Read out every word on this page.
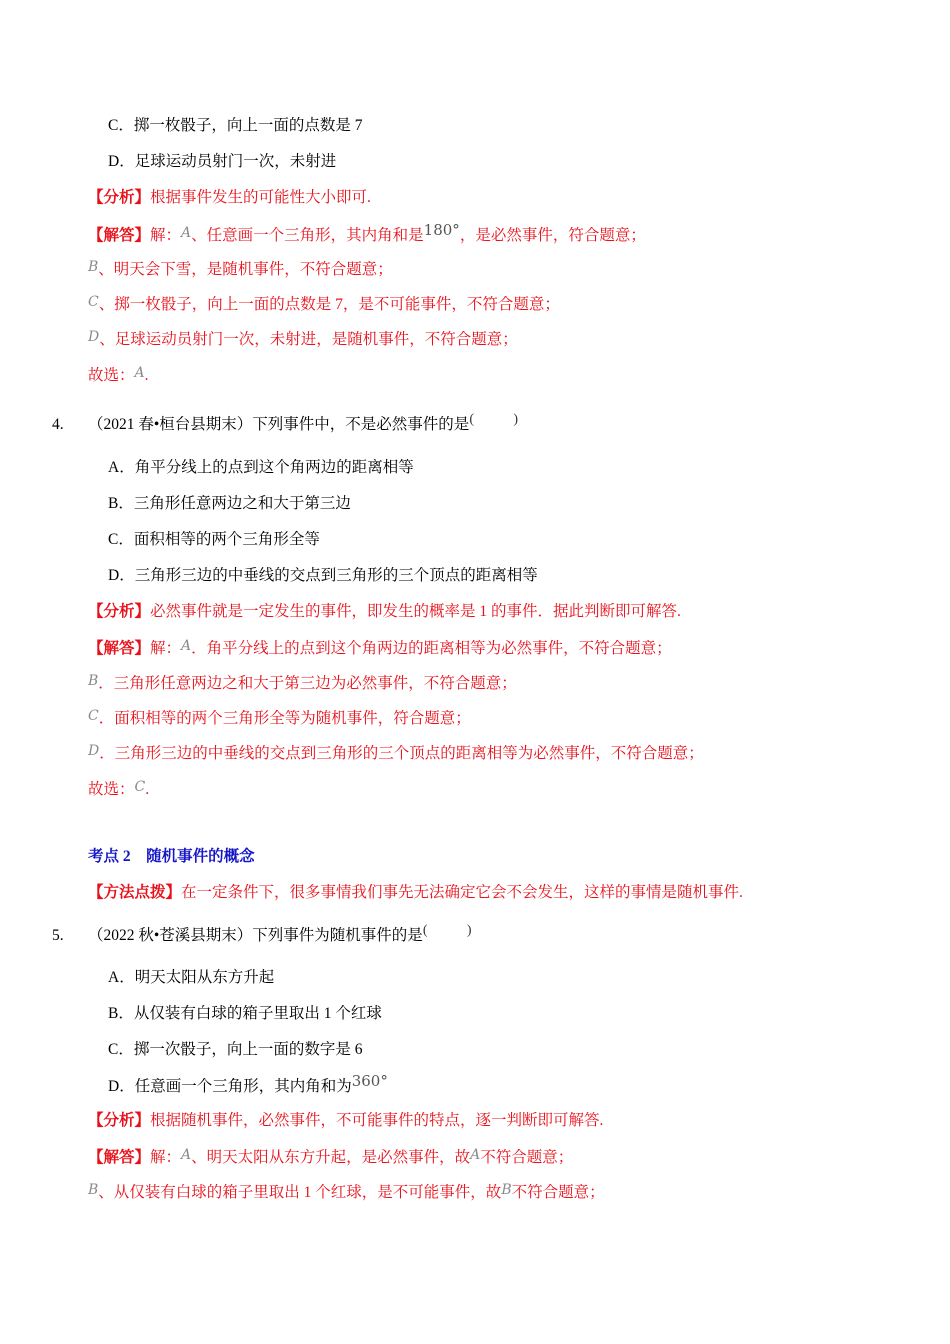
C．掷一枚骰子，向上一面的点数是 7
D．足球运动员射门一次，未射进
【分析】根据事件发生的可能性大小即可.
【解答】解：A、任意画一个三角形，其内角和是180°，是必然事件，符合题意；
B、明天会下雪，是随机事件，不符合题意；
C、掷一枚骰子，向上一面的点数是 7，是不可能事件，不符合题意；
D、足球运动员射门一次，未射进，是随机事件，不符合题意；
故选：A.
4. （2021 春•桓台县期末）下列事件中，不是必然事件的是(	)
A．角平分线上的点到这个角两边的距离相等
B．三角形任意两边之和大于第三边
C．面积相等的两个三角形全等
D．三角形三边的中垂线的交点到三角形的三个顶点的距离相等
【分析】必然事件就是一定发生的事件，即发生的概率是 1 的事件．据此判断即可解答.
【解答】解：A．角平分线上的点到这个角两边的距离相等为必然事件，不符合题意；
B．三角形任意两边之和大于第三边为必然事件，不符合题意；
C．面积相等的两个三角形全等为随机事件，符合题意；
D．三角形三边的中垂线的交点到三角形的三个顶点的距离相等为必然事件，不符合题意；
故选：C.
考点 2　随机事件的概念
【方法点拨】在一定条件下，很多事情我们事先无法确定它会不会发生，这样的事情是随机事件.
5. （2022 秋•苍溪县期末）下列事件为随机事件的是(	)
A．明天太阳从东方升起
B．从仅装有白球的箱子里取出 1 个红球
C．掷一次骰子，向上一面的数字是 6
D．任意画一个三角形，其内角和为360°
【分析】根据随机事件，必然事件，不可能事件的特点，逐一判断即可解答.
【解答】解：A、明天太阳从东方升起，是必然事件，故A不符合题意；
B、从仅装有白球的箱子里取出 1 个红球，是不可能事件，故B不符合题意；
